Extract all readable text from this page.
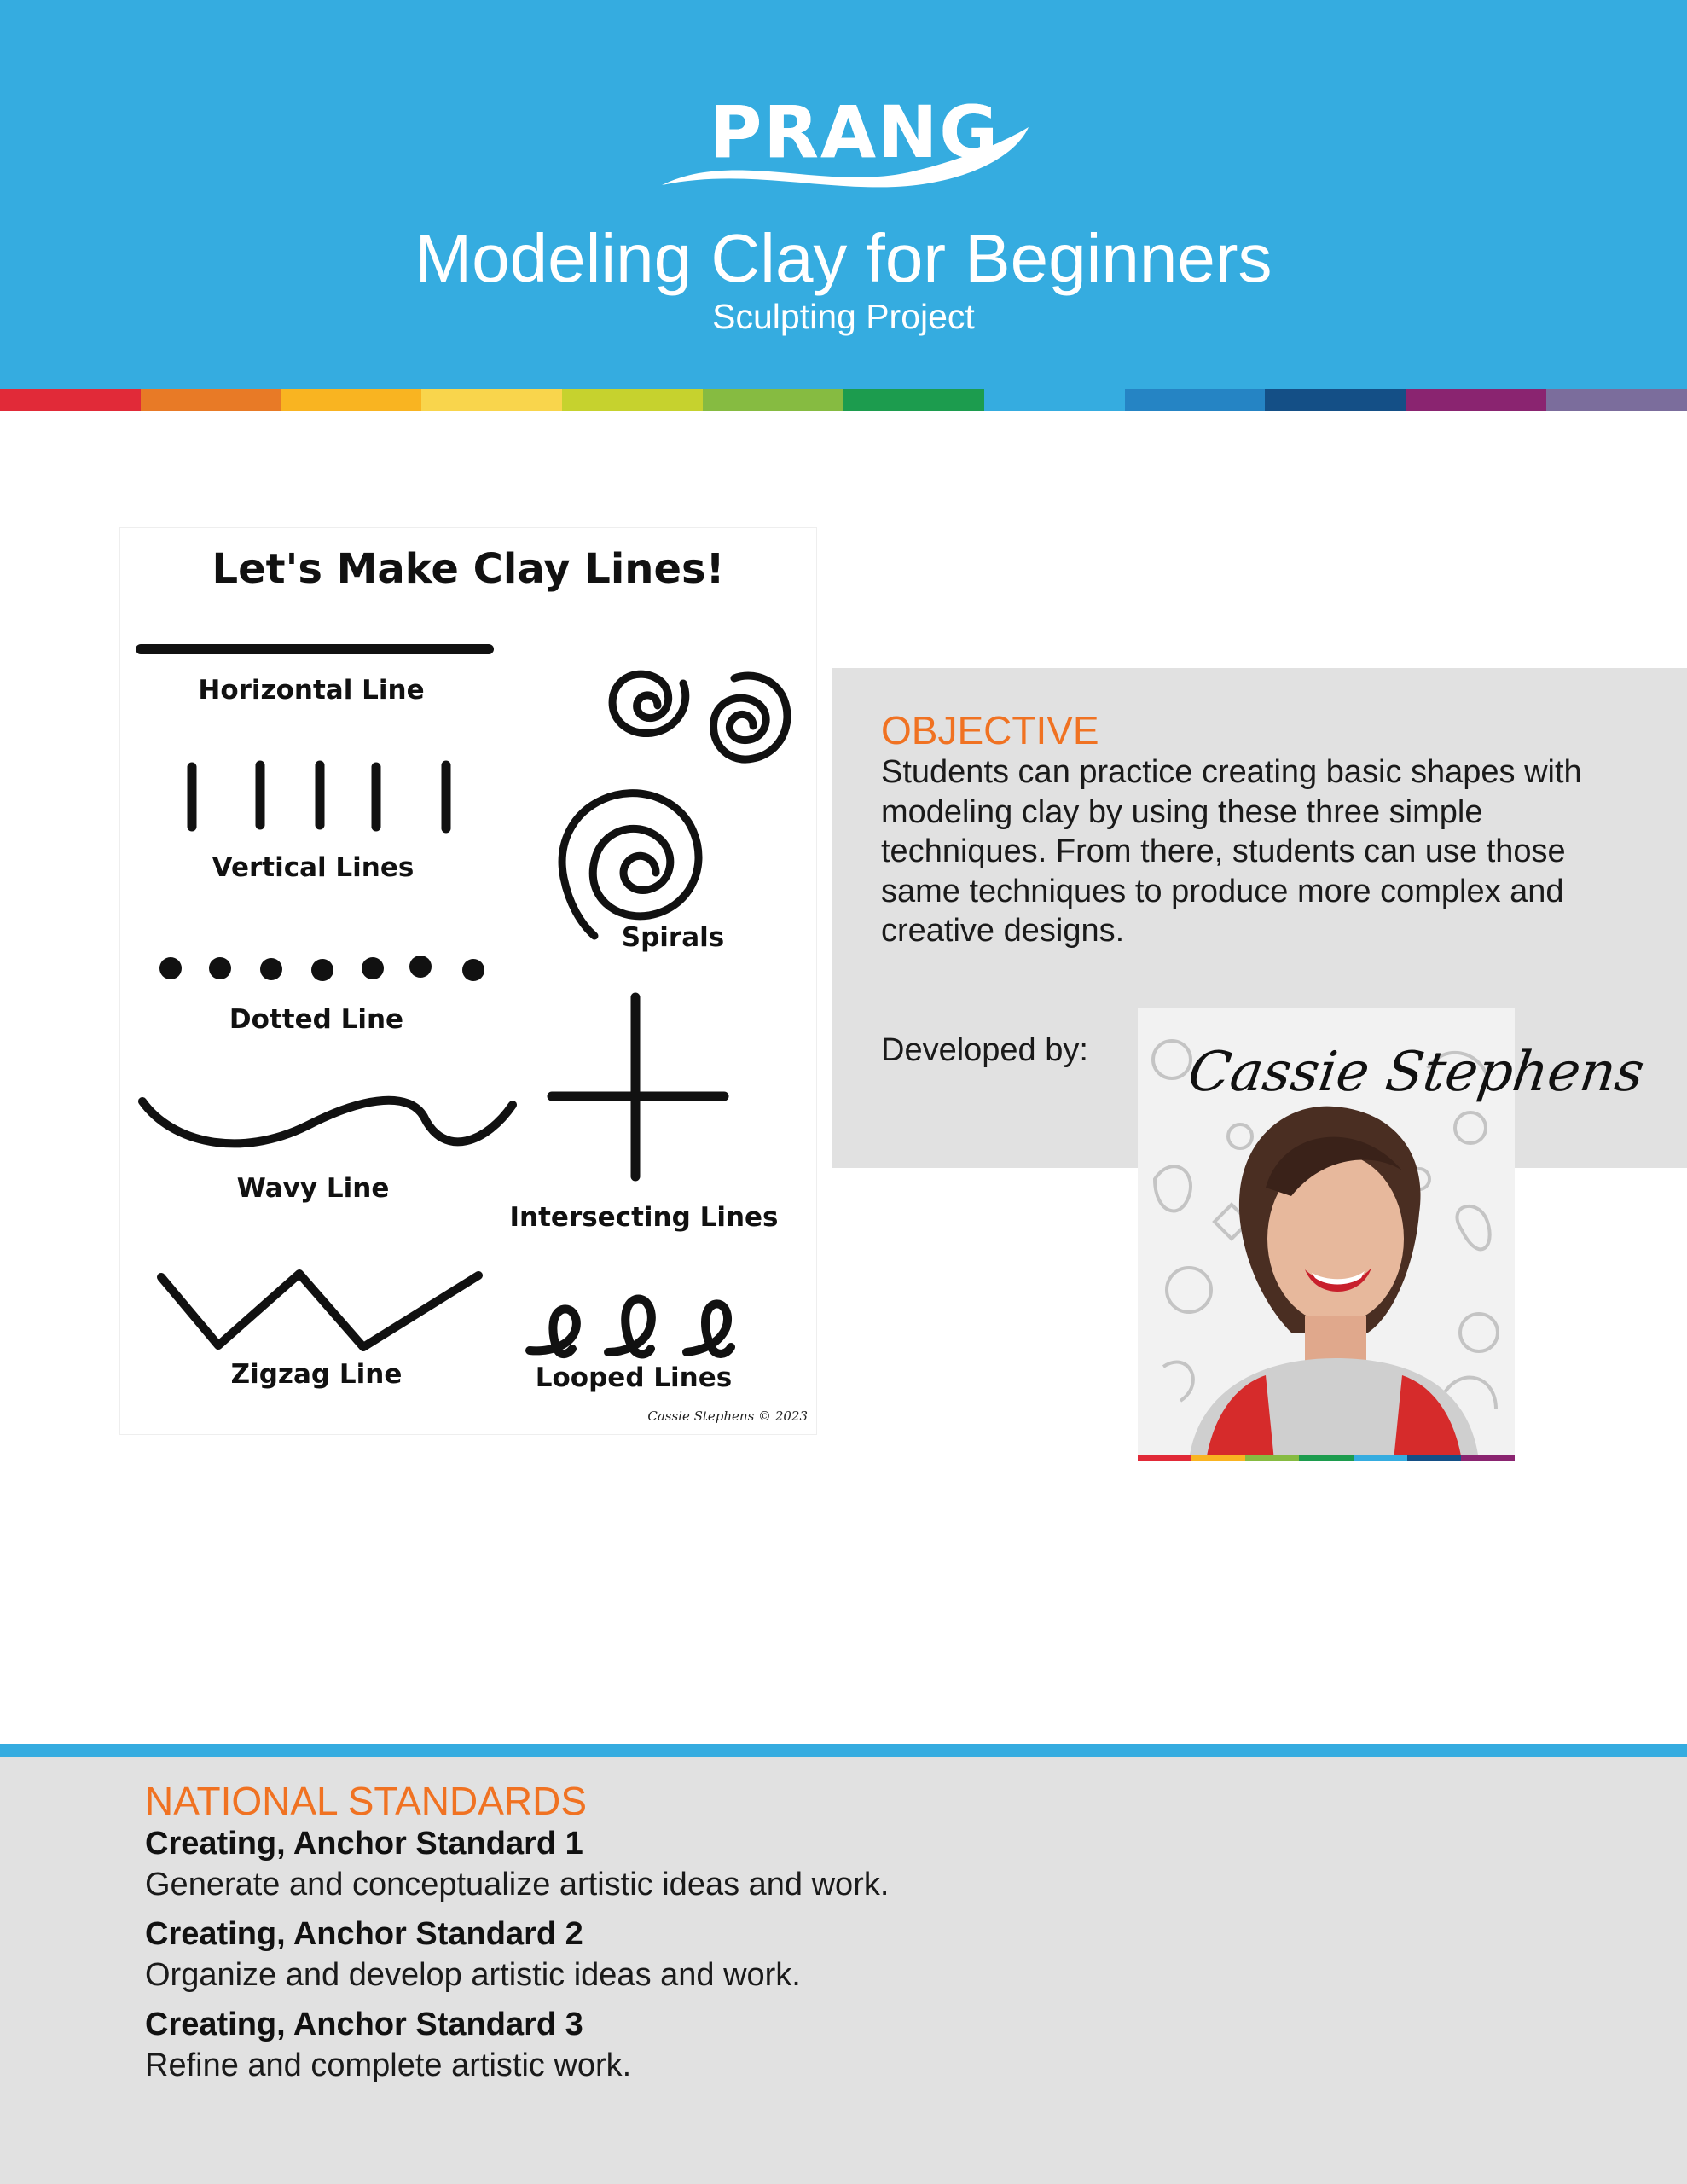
PRANG
Modeling Clay for Beginners
Sculpting Project
Let's Make Clay Lines!
Horizontal Line
Vertical Lines
Dotted Line
Wavy Line
Zigzag Line
Spirals
Intersecting Lines
Looped Lines
Cassie Stephens © 2023
OBJECTIVE
Students can practice creating basic shapes with modeling clay by using these three simple techniques. From there, students can use those same techniques to produce more complex and creative designs.
Developed by: Cassie Stephens
NATIONAL STANDARDS
Creating, Anchor Standard 1
Generate and conceptualize artistic ideas and work.
Creating, Anchor Standard 2
Organize and develop artistic ideas and work.
Creating, Anchor Standard 3
Refine and complete artistic work.
